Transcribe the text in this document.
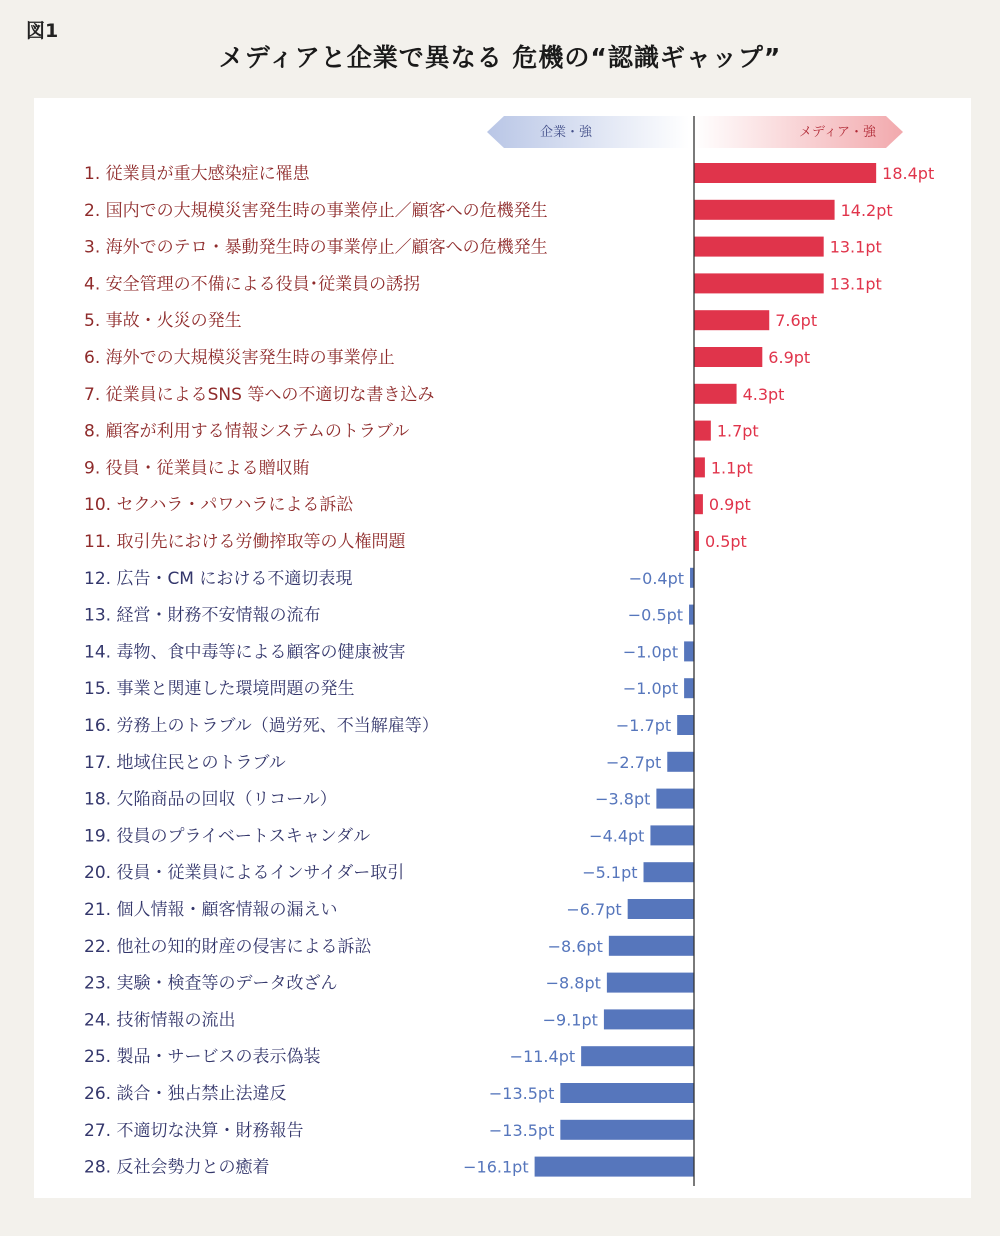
図1
メディアと企業で異なる 危機の“認識ギャップ”
企業・強	メディア・強
1. 従業員が重大感染症に罹患
2. 国内での大規模災害発生時の事業停止／顧客への危機発生
3. 海外でのテロ・暴動発生時の事業停止／顧客への危機発生
4. 安全管理の不備による役員･従業員の誘拐
5. 事故・火災の発生
6. 海外での大規模災害発生時の事業停止
7. 従業員によるSNS 等への不適切な書き込み
8. 顧客が利用する情報システムのトラブル
9. 役員・従業員による贈収賄
10. セクハラ・パワハラによる訴訟
11. 取引先における労働搾取等の人権問題
12. 広告・CM における不適切表現
13. 経営・財務不安情報の流布
14. 毒物、食中毒等による顧客の健康被害
15. 事業と関連した環境問題の発生
16. 労務上のトラブル（過労死、不当解雇等）
17. 地域住民とのトラブル
18. 欠陥商品の回収（リコール）
19. 役員のプライベートスキャンダル
20. 役員・従業員によるインサイダー取引
21. 個人情報・顧客情報の漏えい
22. 他社の知的財産の侵害による訴訟
23. 実験・検査等のデータ改ざん
24. 技術情報の流出
25. 製品・サービスの表示偽装
26. 談合・独占禁止法違反
27. 不適切な決算・財務報告
28. 反社会勢力との癒着
18.4pt
14.2pt
13.1pt
13.1pt
7.6pt
6.9pt
4.3pt
1.7pt
1.1pt
0.9pt
0.5pt
−0.4pt
−0.5pt
−1.0pt
−1.0pt
−1.7pt
−2.7pt
−3.8pt
−4.4pt
−5.1pt
−6.7pt
−8.6pt
−8.8pt
−9.1pt
−11.4pt
−13.5pt
−13.5pt
−16.1pt
